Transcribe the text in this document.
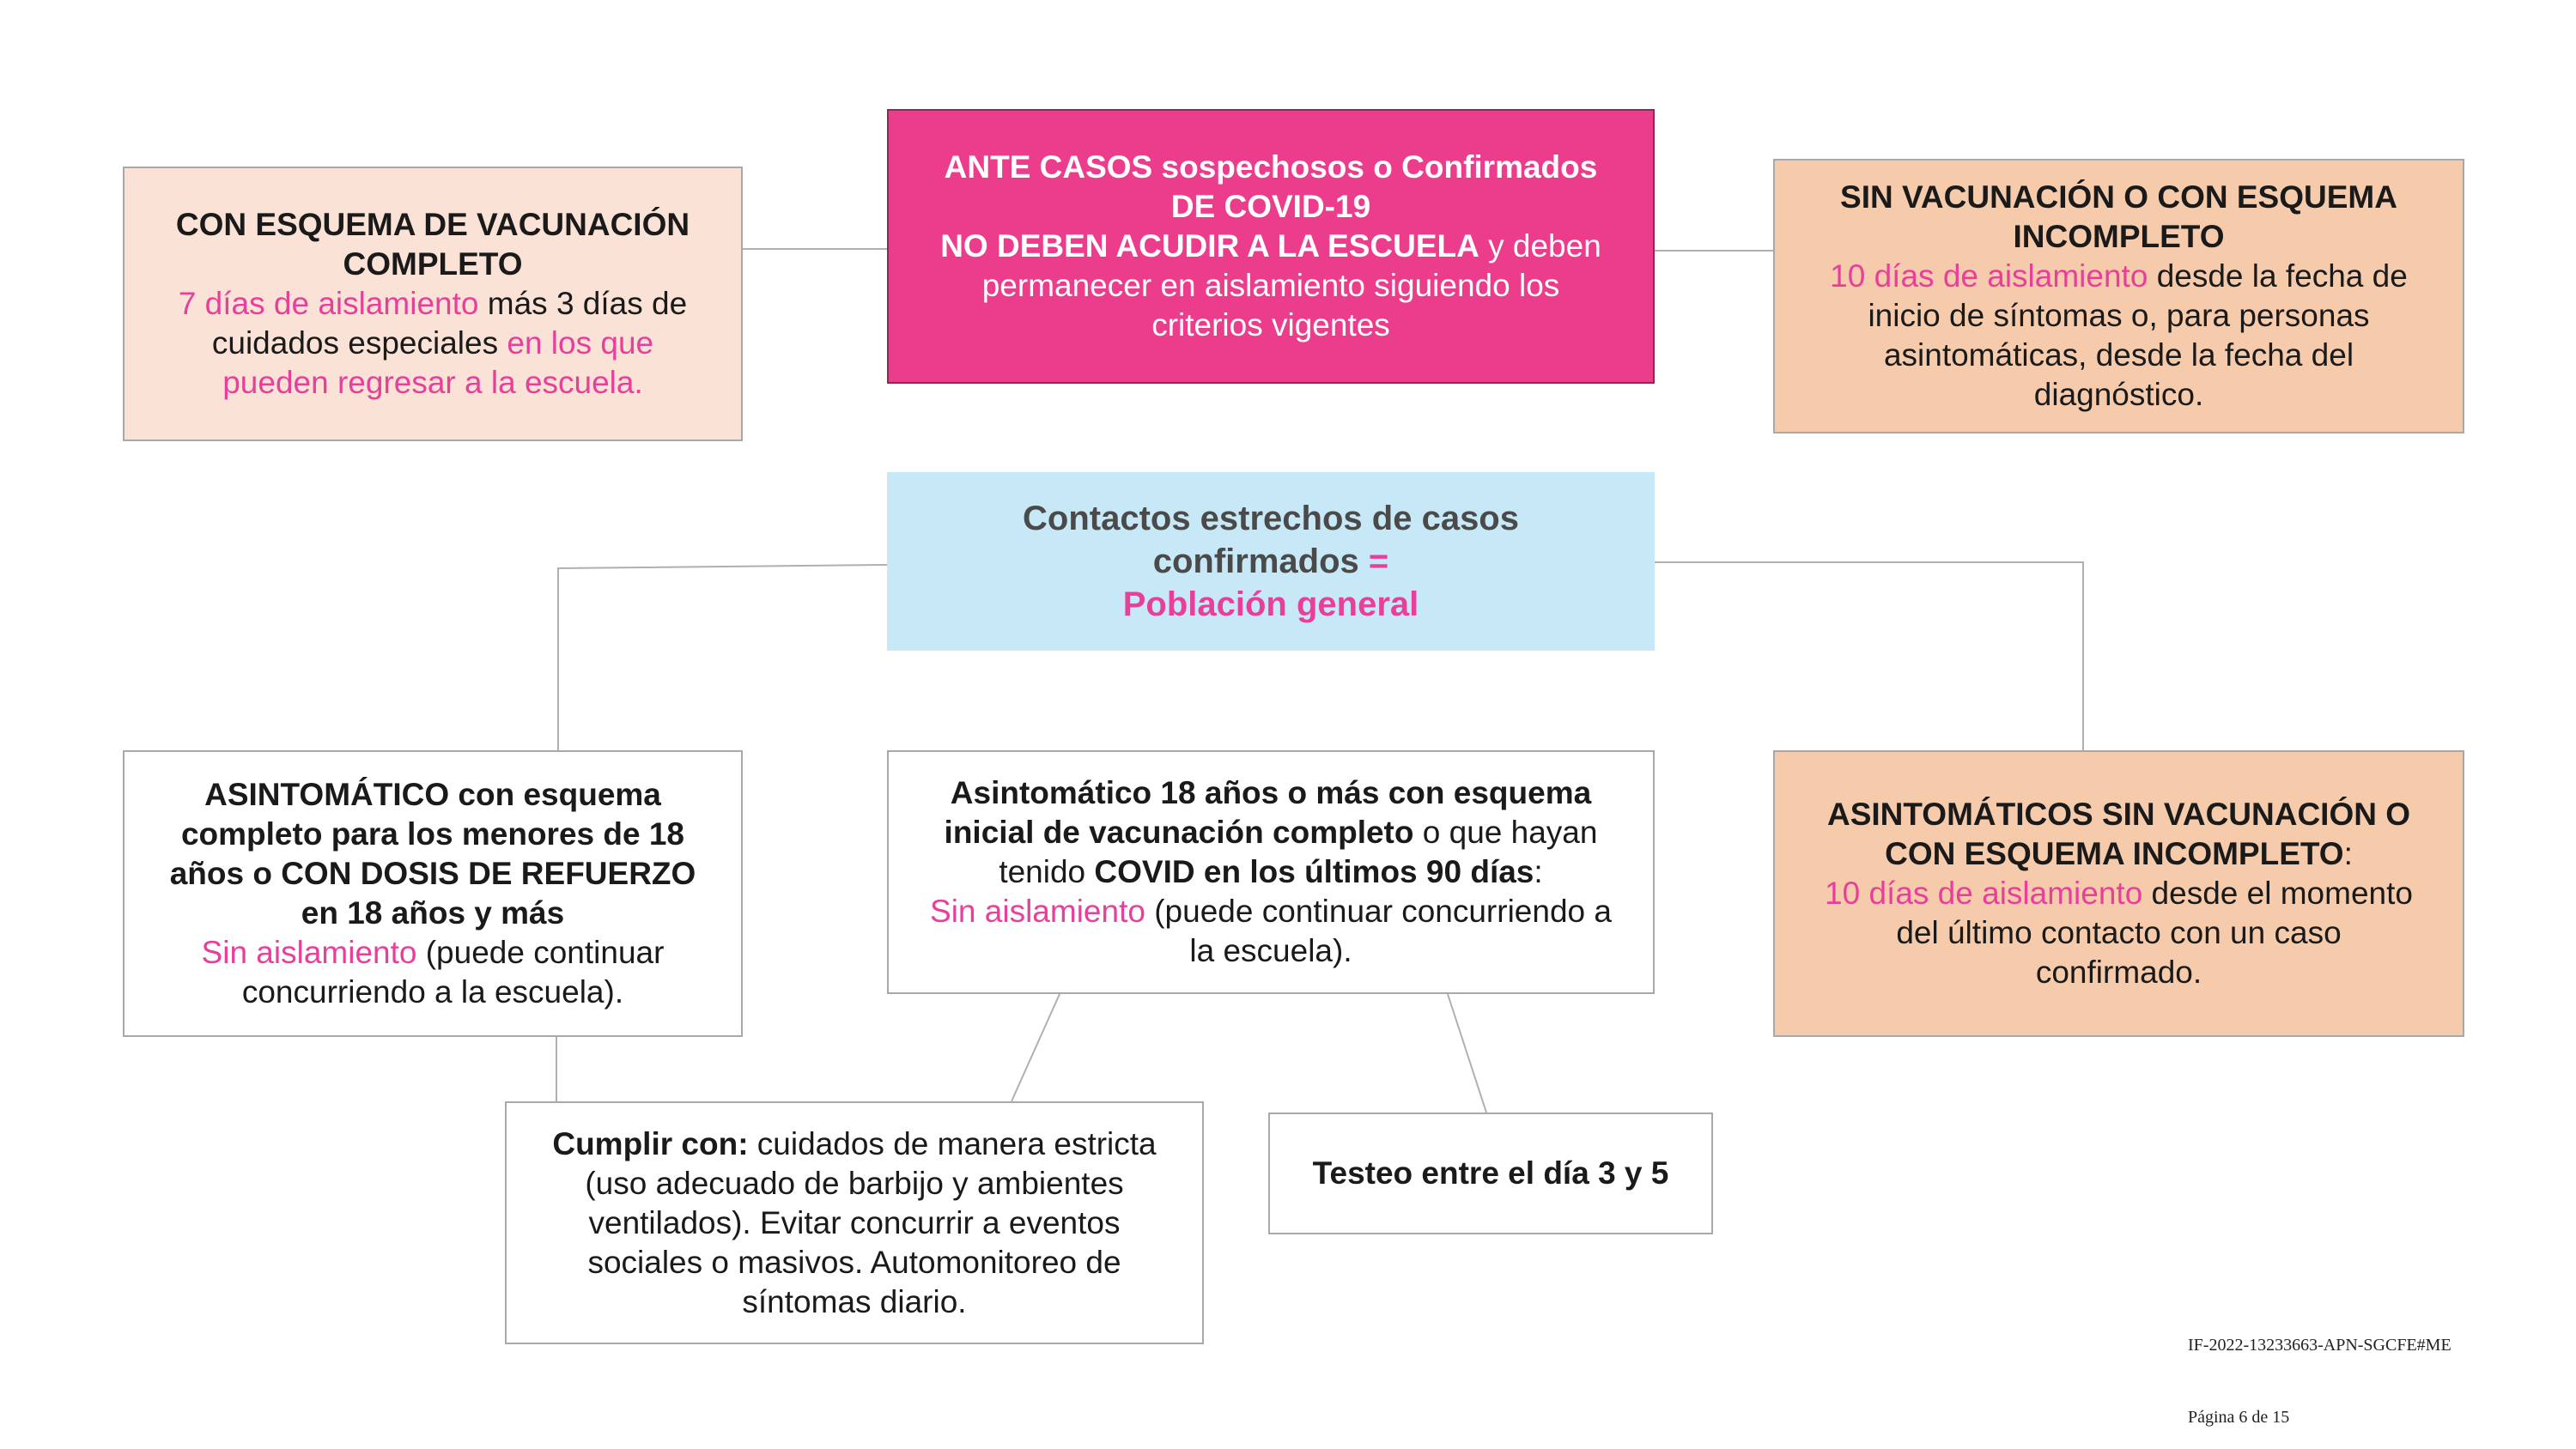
CON ESQUEMA DE VACUNACIÓN COMPLETO

7 días de aislamiento más 3 días de cuidados especiales en los que pueden regresar a la escuela.

ANTE CASOS sospechosos o Confirmados DE COVID-19

NO DEBEN ACUDIR A LA ESCUELA y deben permanecer en aislamiento siguiendo los criterios vigentes

SIN VACUNACIÓN O CON ESQUEMA INCOMPLETO

10 días de aislamiento desde la fecha de inicio de síntomas o, para personas asintomáticas, desde la fecha del diagnóstico.

Contactos estrechos de casos confirmados =

Población general

ASINTOMÁTICO con esquema completo para los menores de 18 años o CON DOSIS DE REFUERZO en 18 años y más

Sin aislamiento (puede continuar concurriendo a la escuela).

Asintomático 18 años o más con esquema inicial de vacunación completo o que hayan tenido COVID en los últimos 90 días:

Sin aislamiento (puede continuar concurriendo a la escuela).

ASINTOMÁTICOS SIN VACUNACIÓN O CON ESQUEMA INCOMPLETO:

10 días de aislamiento desde el momento del último contacto con un caso confirmado.

Cumplir con: cuidados de manera estricta (uso adecuado de barbijo y ambientes ventilados). Evitar concurrir a eventos sociales o masivos. Automonitoreo de síntomas diario.

Testeo entre el día 3 y 5

IF-2022-13233663-APN-SGCFE#ME
Página 6 de 15
